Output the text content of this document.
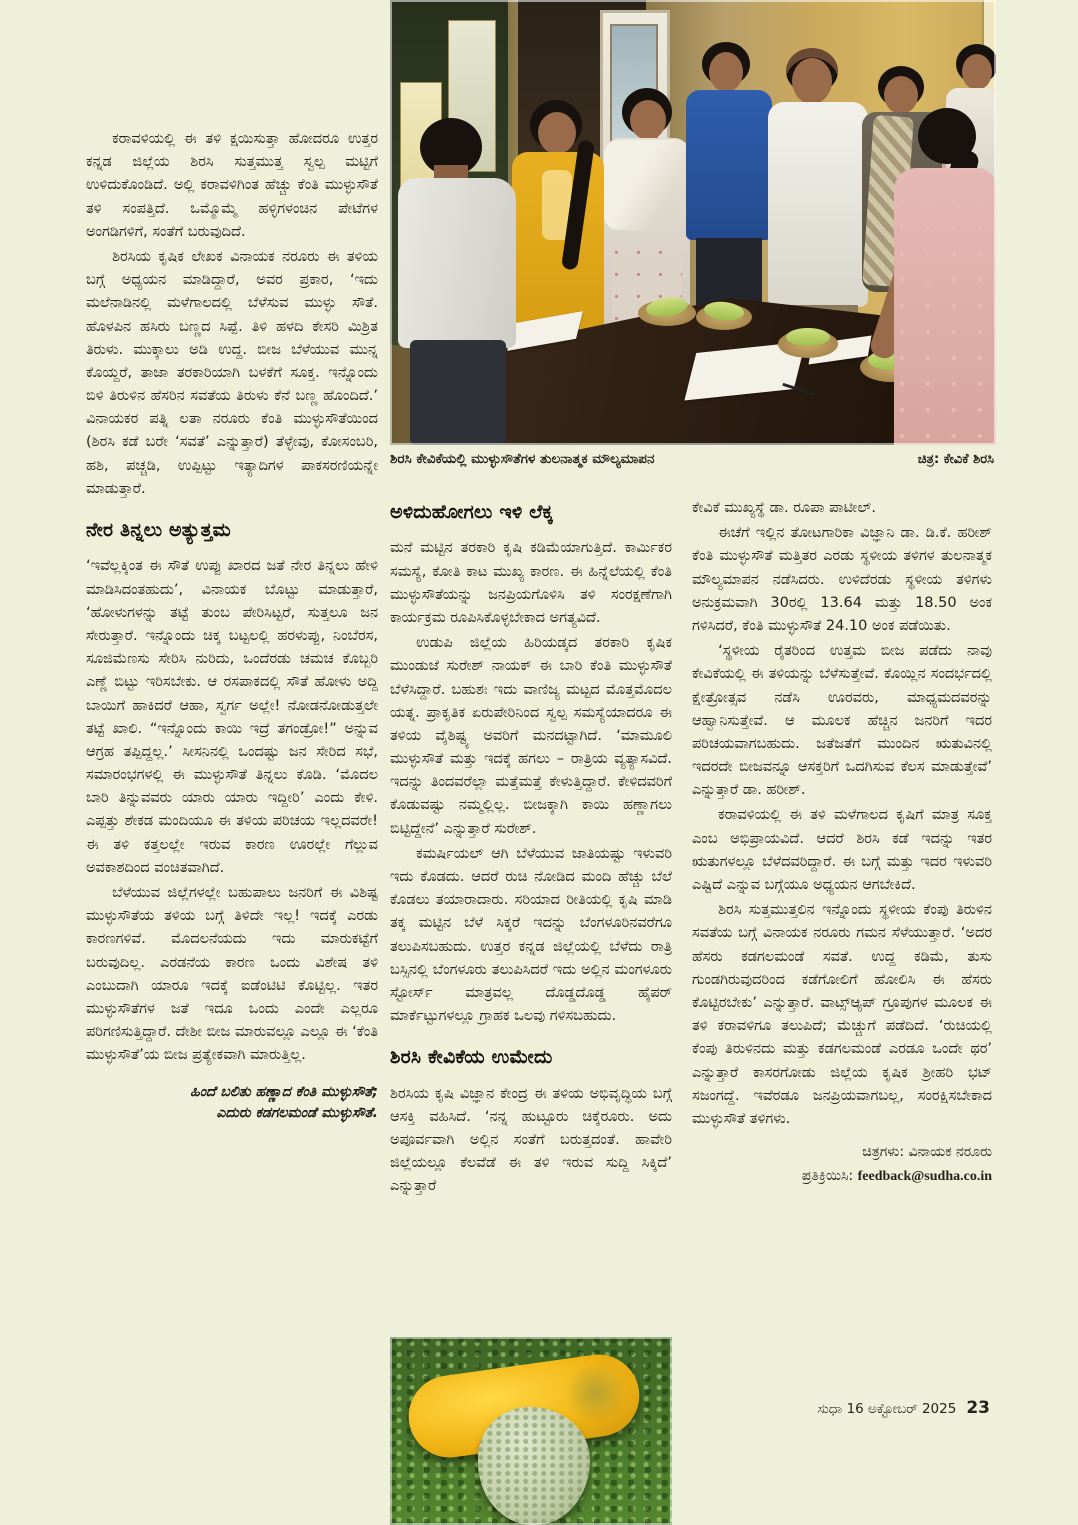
ಶಿರಸಿ ಕೇವಿಕೆಯಲ್ಲಿ ಮುಳ್ಳುಸೌತೆಗಳ ತುಲನಾತ್ಮಕ ಮೌಲ್ಯಮಾಪನ	ಚಿತ್ರ: ಕೇವಿಕೆ ಶಿರಸಿ

ಕರಾವಳಿಯಲ್ಲಿ ಈ ತಳಿ ಕ್ಷಯಿಸುತ್ತಾ ಹೋದರೂ ಉತ್ತರ ಕನ್ನಡ ಜಿಲ್ಲೆಯ ಶಿರಸಿ ಸುತ್ತಮುತ್ತ ಸ್ವಲ್ಪ ಮಟ್ಟಿಗೆ ಉಳಿದುಕೊಂಡಿದೆ. ಅಲ್ಲಿ ಕರಾವಳಿಗಿಂತ ಹೆಚ್ಚು ಕೆಂತಿ ಮುಳ್ಳುಸೌತೆ ತಳಿ ಸಂಪತ್ತಿದೆ. ಒಮ್ಮೊಮ್ಮೆ ಹಳ್ಳಿಗಳಂಚಿನ ಪೇಟೆಗಳ ಅಂಗಡಿಗಳಿಗೆ, ಸಂತೆಗೆ ಬರುವುದಿದೆ.

ಶಿರಸಿಯ ಕೃಷಿಕ ಲೇಖಕ ವಿನಾಯಕ ನರೂರು ಈ ತಳಿಯ ಬಗ್ಗೆ ಅಧ್ಯಯನ ಮಾಡಿದ್ದಾರೆ, ಅವರ ಪ್ರಕಾರ, ‘ಇದು ಮಲೆನಾಡಿನಲ್ಲಿ ಮಳೆಗಾಲದಲ್ಲಿ ಬೆಳೆಸುವ ಮುಳ್ಳು ಸೌತೆ. ಹೊಳಪಿನ ಹಸಿರು ಬಣ್ಣದ ಸಿಪ್ಪೆ. ತಿಳಿ ಹಳದಿ ಕೇಸರಿ ಮಿಶ್ರಿತ ತಿರುಳು. ಮುಕ್ಕಾಲು ಅಡಿ ಉದ್ದ. ಬೀಜ ಬೆಳೆಯುವ ಮುನ್ನ ಕೊಯ್ದರೆ, ತಾಜಾ ತರಕಾರಿಯಾಗಿ ಬಳಕೆಗೆ ಸೂಕ್ತ. ಇನ್ನೊಂದು ಬಿಳಿ ತಿರುಳಿನ ಹೆಸರಿನ ಸವತೆಯ ತಿರುಳು ಕೆನೆ ಬಣ್ಣ ಹೊಂದಿದೆ.’ ವಿನಾಯಕರ ಪತ್ನಿ ಲತಾ ನರೂರು ಕೆಂತಿ ಮುಳ್ಳುಸೌತೆಯಿಂದ (ಶಿರಸಿ ಕಡೆ ಬರೇ ‘ಸವತೆ’ ಎನ್ನುತ್ತಾರೆ) ತೆಳ್ಳೇವು, ಕೋಸಂಬರಿ, ಹಶಿ, ಪಚ್ಚಡಿ, ಉಪ್ಪಿಟ್ಟು ಇತ್ಯಾದಿಗಳ ಪಾಕಸರಣಿಯನ್ನೇ ಮಾಡುತ್ತಾರೆ.

ನೇರ ತಿನ್ನಲು ಅತ್ಯುತ್ತಮ

‘ಇವೆಲ್ಲಕ್ಕಿಂತ ಈ ಸೌತೆ ಉಪ್ಪು ಖಾರದ ಜತೆ ನೇರ ತಿನ್ನಲು ಹೇಳಿ ಮಾಡಿಸಿದಂತಹುದು’, ವಿನಾಯಕ ಬೊಟ್ಟು ಮಾಡುತ್ತಾರೆ, ‘ಹೋಳುಗಳನ್ನು ತಟ್ಟೆ ತುಂಬ ಪೇರಿಸಿಟ್ಟರೆ, ಸುತ್ತಲೂ ಜನ ಸೇರುತ್ತಾರೆ. ಇನ್ನೊಂದು ಚಿಕ್ಕ ಬಟ್ಟಲಲ್ಲಿ ಹರಳುಪ್ಪು, ನಿಂಬೆರಸ, ಸೂಜಿಮೆಣಸು ಸೇರಿಸಿ ನುರಿದು, ಒಂದೆರಡು ಚಮಚ ಕೊಬ್ಬರಿ ಎಣ್ಣೆ ಬಿಟ್ಟು ಇರಿಸಬೇಕು. ಆ ರಸಪಾಕದಲ್ಲಿ ಸೌತೆ ಹೋಳು ಅದ್ದಿ ಬಾಯಿಗೆ ಹಾಕಿದರೆ ಆಹಾ, ಸ್ವರ್ಗ ಅಲ್ಲೇ! ನೋಡನೋಡುತ್ತಲೇ ತಟ್ಟೆ ಖಾಲಿ. “ಇನ್ನೊಂದು ಕಾಯಿ ಇದ್ರೆ ತಗಂಡ್ರೋ!” ಅನ್ನುವ ಆಗ್ರಹ ತಪ್ಪಿದ್ದಲ್ಲ.’ ಸೀಸನಿನಲ್ಲಿ ಒಂದಷ್ಟು ಜನ ಸೇರಿದ ಸಭೆ, ಸಮಾರಂಭಗಳಲ್ಲಿ ಈ ಮುಳ್ಳುಸೌತೆ ತಿನ್ನಲು ಕೊಡಿ. ‘ಮೊದಲ ಬಾರಿ ತಿನ್ನುವವರು ಯಾರು ಯಾರು ಇದ್ದೀರಿ’ ಎಂದು ಕೇಳಿ. ಎಪ್ಪತ್ತು ಶೇಕಡ ಮಂದಿಯೂ ಈ ತಳಿಯ ಪರಿಚಯ ಇಲ್ಲದವರೇ! ಈ ತಳಿ ಕತ್ತಲಲ್ಲೇ ಇರುವ ಕಾರಣ ಊರಲ್ಲೇ ಗೆಲ್ಲುವ ಅವಕಾಶದಿಂದ ವಂಚಿತವಾಗಿದೆ.

ಬೆಳೆಯುವ ಜಿಲ್ಲೆಗಳಲ್ಲೇ ಬಹುಪಾಲು ಜನರಿಗೆ ಈ ವಿಶಿಷ್ಟ ಮುಳ್ಳುಸೌತೆಯ ತಳಿಯ ಬಗ್ಗೆ ತಿಳಿದೇ ಇಲ್ಲ! ಇದಕ್ಕೆ ಎರಡು ಕಾರಣಗಳಿವೆ. ಮೊದಲನೆಯದು ಇದು ಮಾರುಕಟ್ಟೆಗೆ ಬರುವುದಿಲ್ಲ. ಎರಡನೆಯ ಕಾರಣ ಒಂದು ವಿಶೇಷ ತಳಿ ಎಂಬುದಾಗಿ ಯಾರೂ ಇದಕ್ಕೆ ಐಡೆಂಟಿಟಿ ಕೊಟ್ಟಿಲ್ಲ. ಇತರ ಮುಳ್ಳುಸೌತೆಗಳ ಜತೆ ಇದೂ ಒಂದು ಎಂದೇ ಎಲ್ಲರೂ ಪರಿಗಣಿಸುತ್ತಿದ್ದಾರೆ. ದೇಶೀ ಬೀಜ ಮಾರುವಲ್ಲೂ ಎಲ್ಲೂ ಈ ‘ಕೆಂತಿ ಮುಳ್ಳುಸೌತೆ’ಯ ಬೀಜ ಪ್ರತ್ಯೇಕವಾಗಿ ಮಾರುತ್ತಿಲ್ಲ.

ಹಿಂದೆ ಬಲಿತು ಹಣ್ಣಾದ ಕೆಂತಿ ಮುಳ್ಳುಸೌತೆ;
ಎದುರು ಕಡಗಲಮಂಡೆ ಮುಳ್ಳುಸೌತೆ.
ಅಳಿದುಹೋಗಲು ಇಳಿ ಲೆಕ್ಕ

ಮನೆ ಮಟ್ಟಿನ ತರಕಾರಿ ಕೃಷಿ ಕಡಿಮೆಯಾಗುತ್ತಿದೆ. ಕಾರ್ಮಿಕರ ಸಮಸ್ಯೆ, ಕೋತಿ ಕಾಟ ಮುಖ್ಯ ಕಾರಣ. ಈ ಹಿನ್ನೆಲೆಯಲ್ಲಿ ಕೆಂತಿ ಮುಳ್ಳುಸೌತೆಯನ್ನು ಜನಪ್ರಿಯಗೊಳಿಸಿ ತಳಿ ಸಂರಕ್ಷಣೆಗಾಗಿ ಕಾರ್ಯಕ್ರಮ ರೂಪಿಸಿಕೊಳ್ಳಬೇಕಾದ ಅಗತ್ಯವಿದೆ.

ಉಡುಪಿ ಜಿಲ್ಲೆಯ ಹಿರಿಯಡ್ಕದ ತರಕಾರಿ ಕೃಷಿಕ ಮುಂಡುಜೆ ಸುರೇಶ್ ನಾಯಕ್ ಈ ಬಾರಿ ಕೆಂತಿ ಮುಳ್ಳುಸೌತೆ ಬೆಳೆಸಿದ್ದಾರೆ. ಬಹುಶಃ ಇದು ವಾಣಿಜ್ಯ ಮಟ್ಟದ ಮೊತ್ತಮೊದಲ ಯತ್ನ. ಪ್ರಾಕೃತಿಕ ಏರುಪೇರಿನಿಂದ ಸ್ವಲ್ಪ ಸಮಸ್ಯೆಯಾದರೂ ಈ ತಳಿಯ ವೈಶಿಷ್ಟ್ಯ ಅವರಿಗೆ ಮನದಟ್ಟಾಗಿದೆ. ‘ಮಾಮೂಲಿ ಮುಳ್ಳುಸೌತೆ ಮತ್ತು ಇದಕ್ಕೆ ಹಗಲು – ರಾತ್ರಿಯ ವ್ಯತ್ಯಾಸವಿದೆ. ಇದನ್ನು ತಿಂದವರೆಲ್ಲಾ ಮತ್ತೆಮತ್ತೆ ಕೇಳುತ್ತಿದ್ದಾರೆ. ಕೇಳಿದವರಿಗೆ ಕೊಡುವಷ್ಟು ನಮ್ಮಲ್ಲಿಲ್ಲ. ಬೀಜಕ್ಕಾಗಿ ಕಾಯಿ ಹಣ್ಣಾಗಲು ಬಿಟ್ಟಿದ್ದೇನೆ’ ಎನ್ನುತ್ತಾರೆ ಸುರೇಶ್.

ಕಮರ್ಷಿಯಲ್ ಆಗಿ ಬೆಳೆಯುವ ಜಾತಿಯಷ್ಟು ಇಳುವರಿ ಇದು ಕೊಡದು. ಆದರೆ ರುಚಿ ನೋಡಿದ ಮಂದಿ ಹೆಚ್ಚು ಬೆಲೆ ಕೊಡಲು ತಯಾರಾದಾರು. ಸರಿಯಾದ ರೀತಿಯಲ್ಲಿ ಕೃಷಿ ಮಾಡಿ ತಕ್ಕ ಮಟ್ಟಿನ ಬೆಳೆ ಸಿಕ್ಕರೆ ಇದನ್ನು ಬೆಂಗಳೂರಿನವರೆಗೂ ತಲುಪಿಸಬಹುದು. ಉತ್ತರ ಕನ್ನಡ ಜಿಲ್ಲೆಯಲ್ಲಿ ಬೆಳೆದು ರಾತ್ರಿ ಬಸ್ಸಿನಲ್ಲಿ ಬೆಂಗಳೂರು ತಲುಪಿಸಿದರೆ ಇದು ಅಲ್ಲಿನ ಮಂಗಳೂರು ಸ್ಟೋರ್ಸ್ ಮಾತ್ರವಲ್ಲ ದೊಡ್ಡದೊಡ್ಡ ಹೈಪರ್ ಮಾರ್ಕೆಟ್ಟುಗಳಲ್ಲೂ ಗ್ರಾಹಕ ಒಲವು ಗಳಿಸಬಹುದು.

ಶಿರಸಿ ಕೇವಿಕೆಯ ಉಮೇದು

ಶಿರಸಿಯ ಕೃಷಿ ವಿಜ್ಞಾನ ಕೇಂದ್ರ ಈ ತಳಿಯ ಅಭಿವೃದ್ಧಿಯ ಬಗ್ಗೆ ಆಸಕ್ತಿ ವಹಿಸಿದೆ. ‘ನನ್ನ ಹುಟ್ಟೂರು ಚಿಕ್ಕೆರೂರು. ಅದು ಅಪೂರ್ವವಾಗಿ ಅಲ್ಲಿನ ಸಂತೆಗೆ ಬರುತ್ತದಂತೆ. ಹಾವೇರಿ ಜಿಲ್ಲೆಯಲ್ಲೂ ಕೆಲವೆಡೆ ಈ ತಳಿ ಇರುವ ಸುದ್ದಿ ಸಿಕ್ಕಿದೆ’ ಎನ್ನುತ್ತಾರೆ

ಕೇವಿಕೆ ಮುಖ್ಯಸ್ಥೆ ಡಾ. ರೂಪಾ ಪಾಟೀಲ್.

ಈಚೆಗೆ ಇಲ್ಲಿನ ತೋಟಗಾರಿಕಾ ವಿಜ್ಞಾನಿ ಡಾ. ಡಿ.ಕೆ. ಹರೀಶ್ ಕೆಂತಿ ಮುಳ್ಳುಸೌತೆ ಮತ್ತಿತರ ಎರಡು ಸ್ಥಳೀಯ ತಳಿಗಳ ತುಲನಾತ್ಮಕ ಮೌಲ್ಯಮಾಪನ ನಡೆಸಿದರು. ಉಳಿದೆರಡು ಸ್ಥಳೀಯ ತಳಿಗಳು ಅನುಕ್ರಮವಾಗಿ 30ರಲ್ಲಿ 13.64 ಮತ್ತು 18.50 ಅಂಕ ಗಳಿಸಿದರೆ, ಕೆಂತಿ ಮುಳ್ಳುಸೌತೆ 24.10 ಅಂಕ ಪಡೆಯಿತು.

‘ಸ್ಥಳೀಯ ರೈತರಿಂದ ಉತ್ತಮ ಬೀಜ ಪಡೆದು ನಾವು ಕೇವಿಕೆಯಲ್ಲಿ ಈ ತಳಿಯನ್ನು ಬೆಳೆಸುತ್ತೇವೆ. ಕೊಯ್ಲಿನ ಸಂದರ್ಭದಲ್ಲಿ ಕ್ಷೇತ್ರೋತ್ಸವ ನಡೆಸಿ ಊರವರು, ಮಾಧ್ಯಮದವರನ್ನು ಆಹ್ವಾನಿಸುತ್ತೇವೆ. ಆ ಮೂಲಕ ಹೆಚ್ಚಿನ ಜನರಿಗೆ ಇದರ ಪರಿಚಯವಾಗಬಹುದು. ಜತೆಜತೆಗೆ ಮುಂದಿನ ಋತುವಿನಲ್ಲಿ ಇದರದೇ ಬೀಜವನ್ನೂ ಆಸಕ್ತರಿಗೆ ಒದಗಿಸುವ ಕೆಲಸ ಮಾಡುತ್ತೇವೆ’ ಎನ್ನುತ್ತಾರೆ ಡಾ. ಹರೀಶ್.

ಕರಾವಳಿಯಲ್ಲಿ ಈ ತಳಿ ಮಳೆಗಾಲದ ಕೃಷಿಗೆ ಮಾತ್ರ ಸೂಕ್ತ ಎಂಬ ಅಭಿಪ್ರಾಯವಿದೆ. ಆದರೆ ಶಿರಸಿ ಕಡೆ ಇದನ್ನು ಇತರ ಋತುಗಳಲ್ಲೂ ಬೆಳೆದವರಿದ್ದಾರೆ. ಈ ಬಗ್ಗೆ ಮತ್ತು ಇದರ ಇಳುವರಿ ಎಷ್ಟಿದೆ ಎನ್ನುವ ಬಗ್ಗೆಯೂ ಅಧ್ಯಯನ ಆಗಬೇಕಿದೆ.

ಶಿರಸಿ ಸುತ್ತಮುತ್ತಲಿನ ಇನ್ನೊಂದು ಸ್ಥಳೀಯ ಕೆಂಪು ತಿರುಳಿನ ಸವತೆಯ ಬಗ್ಗೆ ವಿನಾಯಕ ನರೂರು ಗಮನ ಸೆಳೆಯುತ್ತಾರೆ. ‘ಅದರ ಹೆಸರು ಕಡಗಲಮಂಡೆ ಸವತೆ. ಉದ್ದ ಕಡಿಮೆ, ತುಸು ಗುಂಡಗಿರುವುದರಿಂದ ಕಡೆಗೋಲಿಗೆ ಹೋಲಿಸಿ ಈ ಹೆಸರು ಕೊಟ್ಟಿರಬೇಕು’ ಎನ್ನುತ್ತಾರೆ. ವಾಟ್ಸ್‌ಆ್ಯಪ್ ಗ್ರೂಪುಗಳ ಮೂಲಕ ಈ ತಳಿ ಕರಾವಳಿಗೂ ತಲುಪಿದೆ; ಮೆಚ್ಚುಗೆ ಪಡೆದಿದೆ. ‘ರುಚಿಯಲ್ಲಿ ಕೆಂಪು ತಿರುಳಿನದು ಮತ್ತು ಕಡಗಲಮಂಡೆ ಎರಡೂ ಒಂದೇ ಥರ’ ಎನ್ನುತ್ತಾರೆ ಕಾಸರಗೋಡು ಜಿಲ್ಲೆಯ ಕೃಷಿಕ ಶ್ರೀಹರಿ ಭಟ್ ಸಜಂಗದ್ದೆ. ಇವೆರಡೂ ಜನಪ್ರಿಯವಾಗಬಲ್ಲ, ಸಂರಕ್ಷಿಸಬೇಕಾದ ಮುಳ್ಳುಸೌತೆ ತಳಿಗಳು.

ಚಿತ್ರಗಳು: ವಿನಾಯಕ ನರೂರು
ಪ್ರತಿಕ್ರಿಯಿಸಿ: feedback@sudha.co.in
ಸುಧಾ 16 ಅಕ್ಟೋಬರ್ 2025 23
